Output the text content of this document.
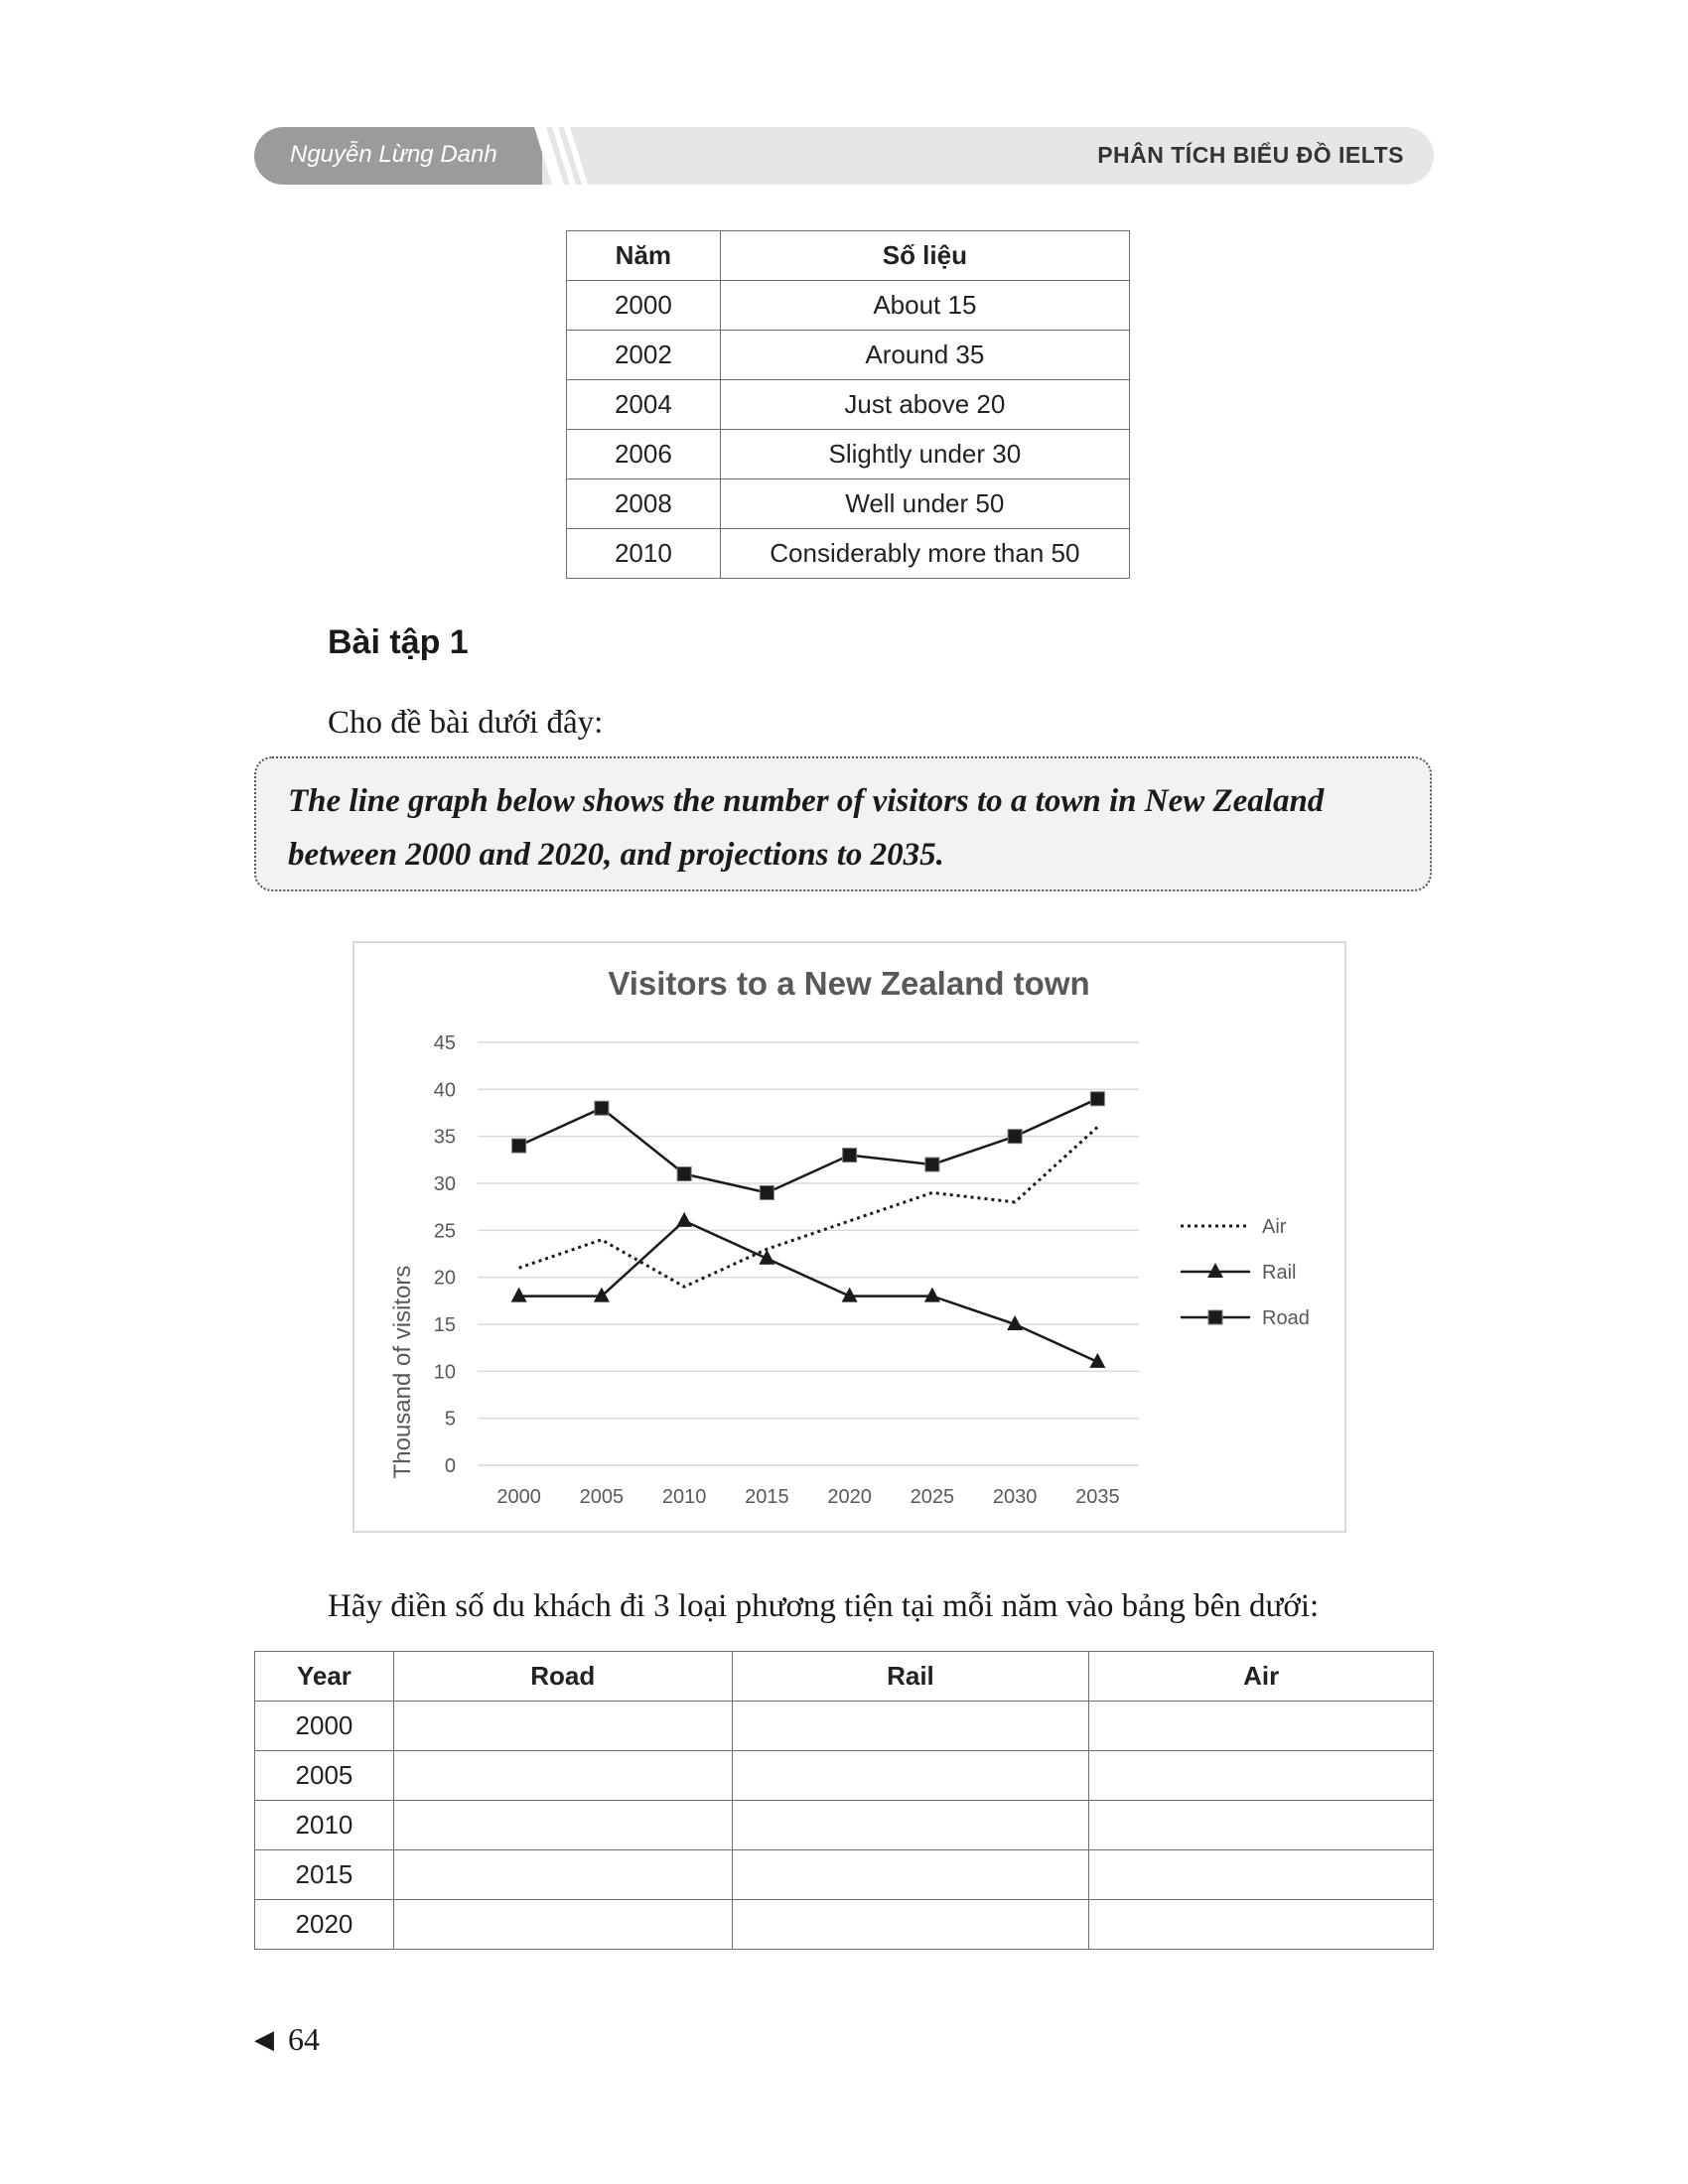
Nguyễn Lừng Danh	PHÂN TÍCH BIỂU ĐỒ IELTS
Năm	Số liệu
2000	About 15
2002	Around 35
2004	Just above 20
2006	Slightly under 30
2008	Well under 50
2010	Considerably more than 50
Bài tập 1
Cho đề bài dưới đây:
The line graph below shows the number of visitors to a town in New Zealand
between 2000 and 2020, and projections to 2035.
Visitors to a New Zealand town
Thousand of visitors 0
5
10
15
20
25
30
35
40
45
2000 2005 2010 2015 2020 2025 2030 2035
Air
Rail
Road
Hãy điền số du khách đi 3 loại phương tiện tại mỗi năm vào bảng bên dưới:
Year	Road	Rail	Air
2000			
2005			
2010			
2015			
2020			
◀ 64
